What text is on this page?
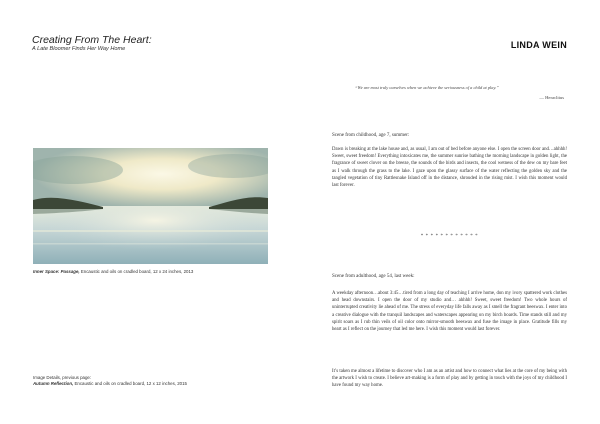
Creating From The Heart:
A Late Bloomer Finds Her Way Home
Inner Space: Passage, Encaustic and oils on cradled board, 12 x 24 inches, 2013
Image Details, previous page:
Autumn Reflection, Encaustic and oils on cradled board, 12 x 12 inches, 2015
LINDA WEIN
“We are most truly ourselves when we achieve the seriousness of a child at play.”
— Heraclitus
Scene from childhood, age 7, summer:

Dawn is breaking at the lake house and, as usual, I am out of bed before anyone else. I open the screen door and…ahhhh! Sweet, sweet freedom! Everything intoxicates me, the summer sunrise bathing the morning landscape in golden light, the fragrance of sweet clover on the breeze, the sounds of the birds and insects, the cool wetness of the dew on my bare feet as I walk through the grass to the lake. I gaze upon the glassy surface of the water reflecting the golden sky and the tangled vegetation of tiny Rattlesnake Island off in the distance, shrouded in the rising mist. I wish this moment would last forever.

* * * * * * * * * * * *
Scene from adulthood, age 54, last week:

A weekday afternoon…about 3:45…tired from a long day of teaching I arrive home, don my ivory spattered work clothes and head downstairs. I open the door of my studio and… ahhhh! Sweet, sweet freedom! Two whole hours of uninterrupted creativity lie ahead of me. The stress of everyday life falls away as I smell the fragrant beeswax. I enter into a creative dialogue with the tranquil landscapes and waterscapes appearing on my birch boards. Time stands still and my spirit soars as I rub thin veils of oil color onto mirror-smooth beeswax and fuse the image in place. Gratitude fills my heart as I reflect on the journey that led me here. I wish this moment would last forever.

It’s taken me almost a lifetime to discover who I am as an artist and how to connect what lies at the core of my being with the artwork I wish to create. I believe art-making is a form of play and by getting in touch with the joys of my childhood I have found my way home.
